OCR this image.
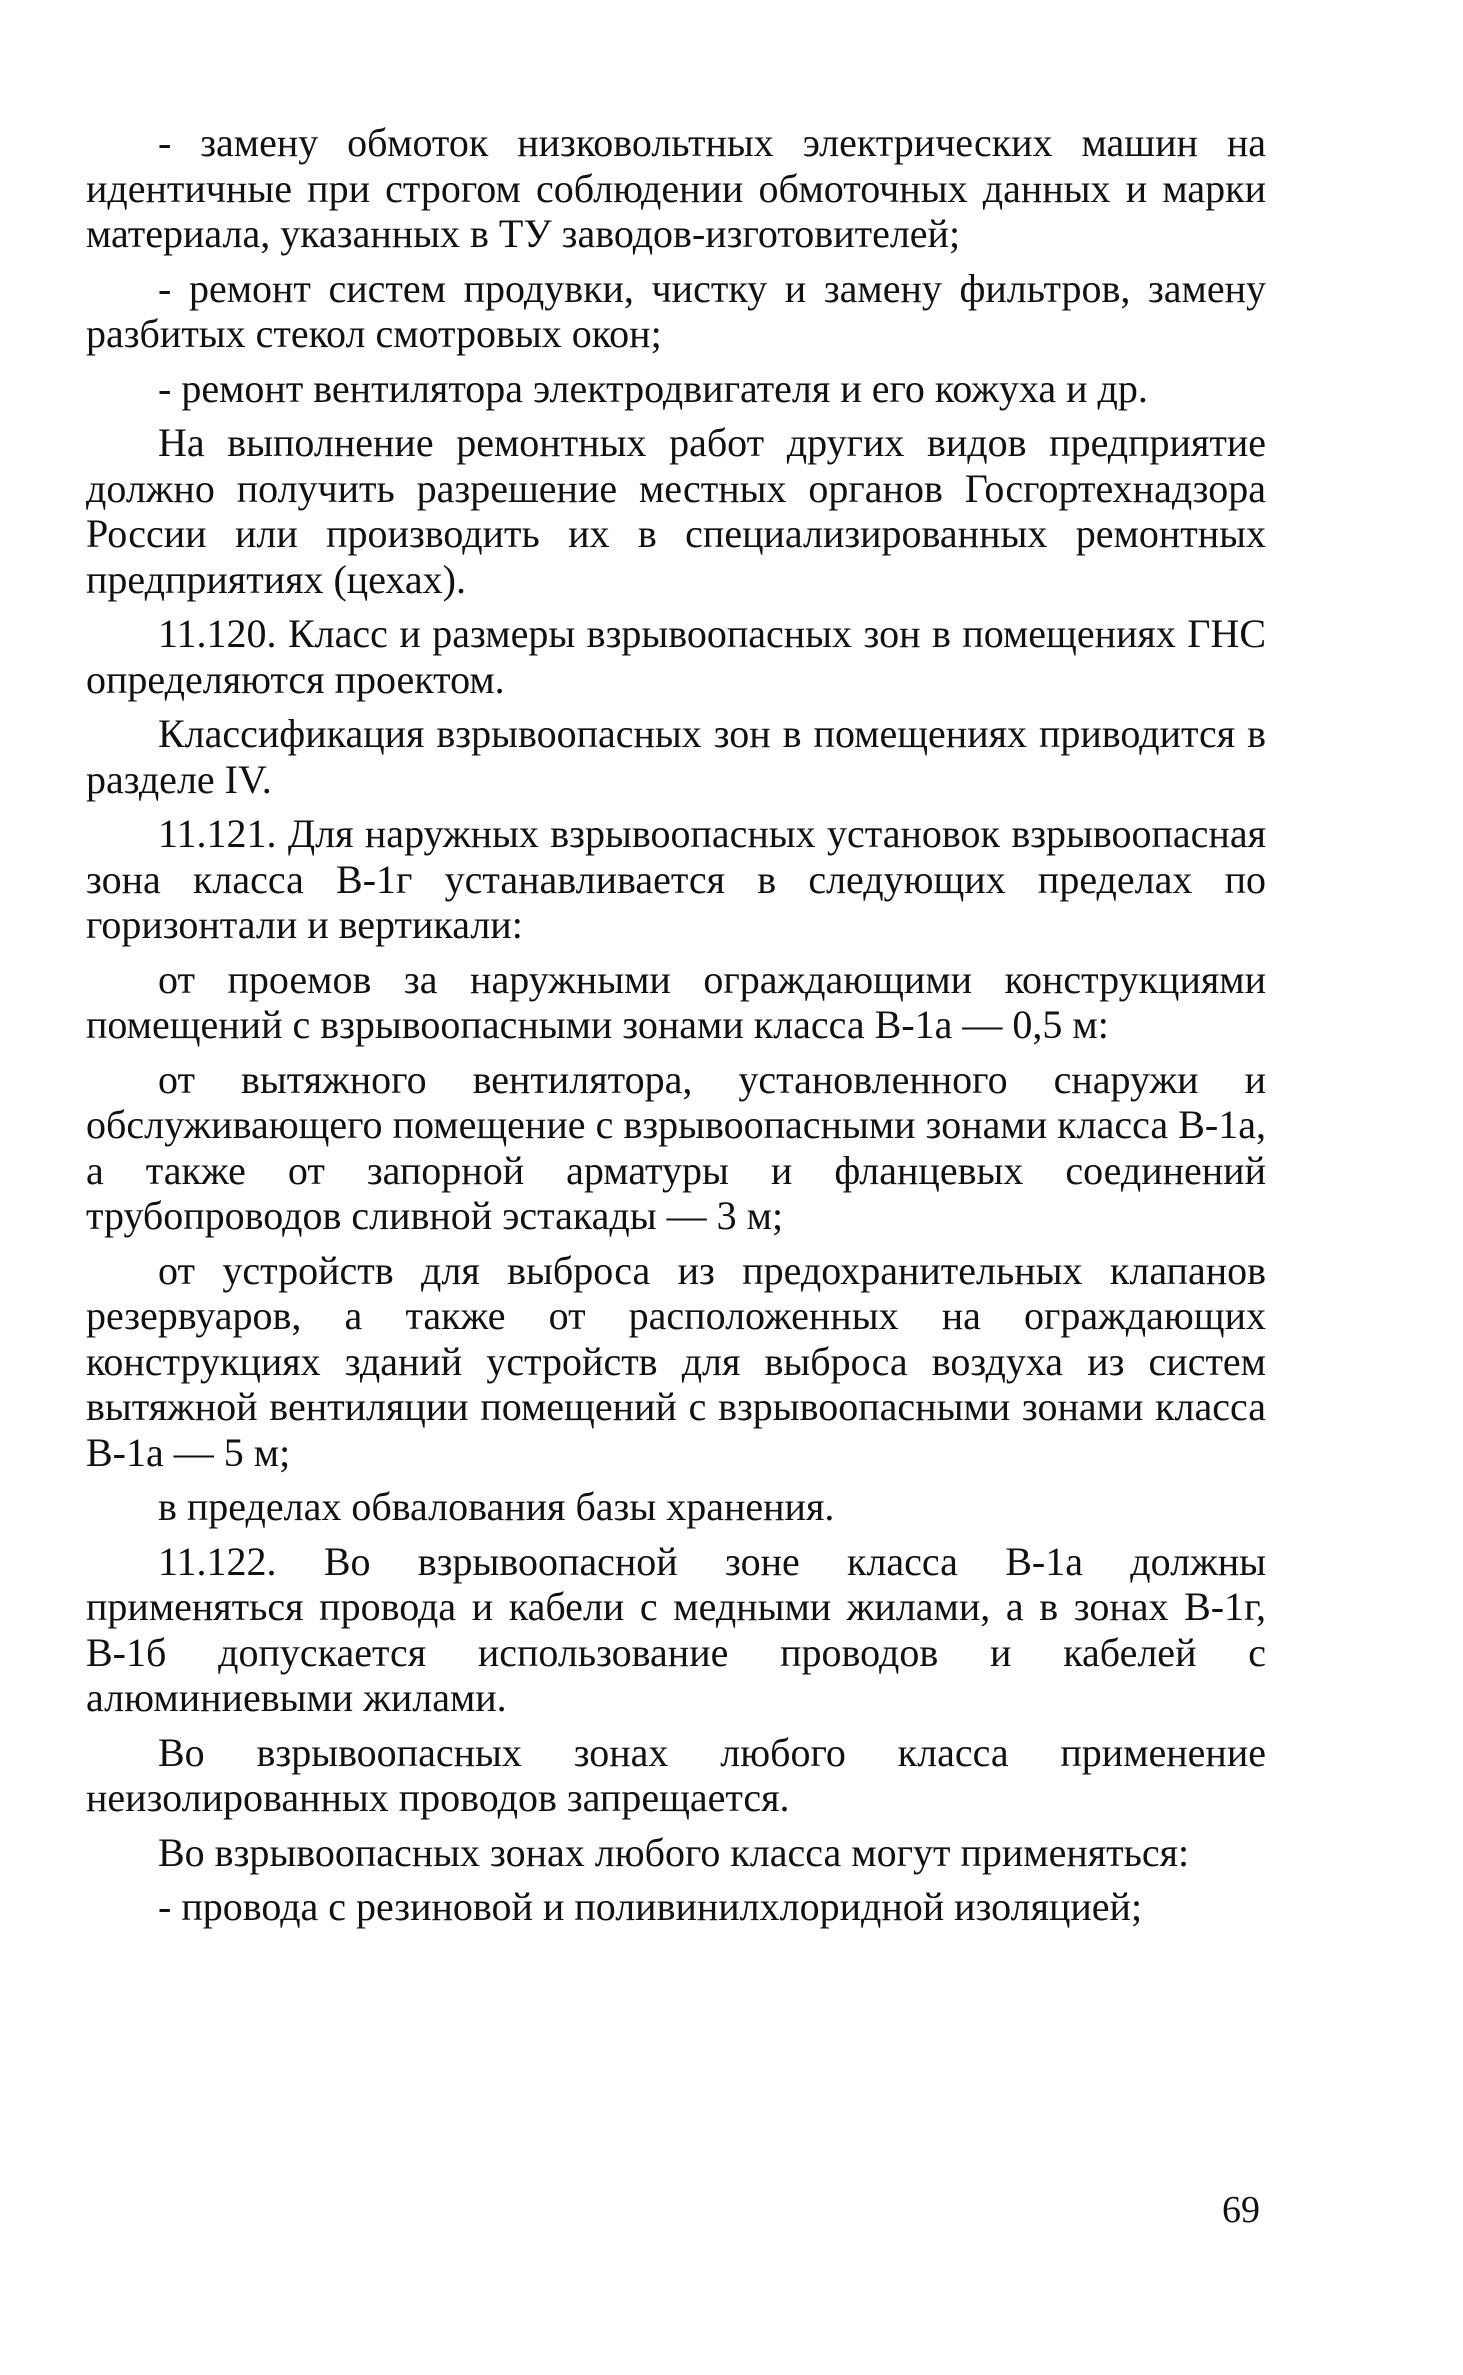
- замену обмоток низковольтных электрических машин на идентичные при строгом соблюдении обмоточных данных и марки материала, указанных в ТУ заводов-изготовителей;

- ремонт систем продувки, чистку и замену фильтров, замену разбитых стекол смотровых окон;

- ремонт вентилятора электродвигателя и его кожуха и др.

На выполнение ремонтных работ других видов предприятие должно получить разрешение местных органов Госгортехнадзора России или производить их в специализированных ремонтных предприятиях (цехах).

11.120. Класс и размеры взрывоопасных зон в помещениях ГНС определяются проектом.

Классификация взрывоопасных зон в помещениях приводится в разделе IV.

11.121. Для наружных взрывоопасных установок взрывоопасная зона класса В-1г устанавливается в следующих пределах по горизонтали и вертикали:

от проемов за наружными ограждающими конструкциями помещений с взрывоопасными зонами класса В-1а — 0,5 м:

от вытяжного вентилятора, установленного снаружи и обслуживающего помещение с взрывоопасными зонами класса В-1а, а также от запорной арматуры и фланцевых соединений трубопроводов сливной эстакады — 3 м;

от устройств для выброса из предохранительных клапанов резервуаров, а также от расположенных на ограждающих конструкциях зданий устройств для выброса воздуха из систем вытяжной вентиляции помещений с взрывоопасными зонами класса В-1а — 5 м;

в пределах обвалования базы хранения.

11.122. Во взрывоопасной зоне класса В-1а должны применяться провода и кабели с медными жилами, а в зонах В-1г, В-1б допускается использование проводов и кабелей с алюминиевыми жилами.

Во взрывоопасных зонах любого класса применение неизолированных проводов запрещается.

Во взрывоопасных зонах любого класса могут применяться:

- провода с резиновой и поливинилхлоридной изоляцией;

69
